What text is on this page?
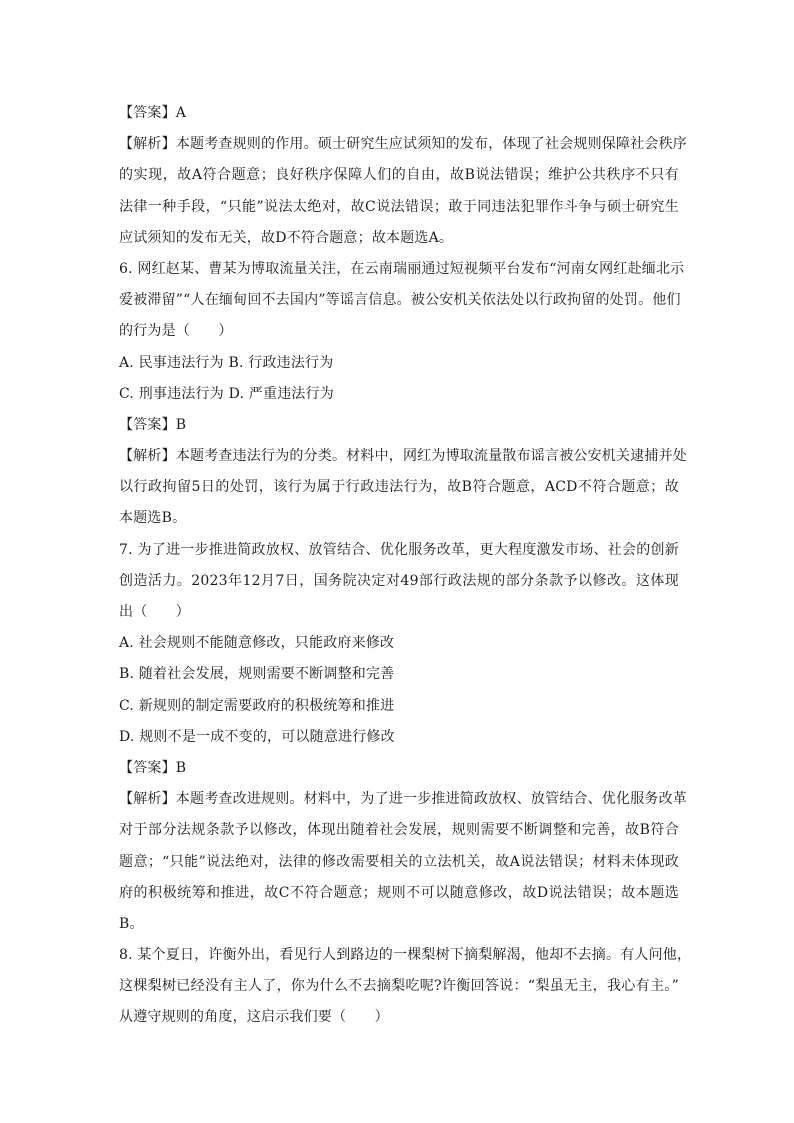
【答案】A
【解析】本题考查规则的作用。硕士研究生应试须知的发布，体现了社会规则保障社会秩序
的实现，故A符合题意；良好秩序保障人们的自由，故B说法错误；维护公共秩序不只有
法律一种手段，“只能”说法太绝对，故C说法错误；敢于同违法犯罪作斗争与硕士研究生
应试须知的发布无关，故D不符合题意；故本题选A。
6. 网红赵某、曹某为博取流量关注，在云南瑞丽通过短视频平台发布“河南女网红赴缅北示
爱被滞留”“人在缅甸回不去国内”等谣言信息。被公安机关依法处以行政拘留的处罚。他们
的行为是（　　）
A. 民事违法行为 B. 行政违法行为
C. 刑事违法行为 D. 严重违法行为
【答案】B
【解析】本题考查违法行为的分类。材料中，网红为博取流量散布谣言被公安机关逮捕并处
以行政拘留5日的处罚，该行为属于行政违法行为，故B符合题意，ACD不符合题意；故
本题选B。
7. 为了进一步推进简政放权、放管结合、优化服务改革，更大程度激发市场、社会的创新
创造活力。2023年12月7日，国务院决定对49部行政法规的部分条款予以修改。这体现
出（　　）
A. 社会规则不能随意修改，只能政府来修改
B. 随着社会发展，规则需要不断调整和完善
C. 新规则的制定需要政府的积极统筹和推进
D. 规则不是一成不变的，可以随意进行修改
【答案】B
【解析】本题考查改进规则。材料中，为了进一步推进简政放权、放管结合、优化服务改革
对于部分法规条款予以修改，体现出随着社会发展，规则需要不断调整和完善，故B符合
题意；“只能”说法绝对，法律的修改需要相关的立法机关，故A说法错误；材料未体现政
府的积极统筹和推进，故C不符合题意；规则不可以随意修改，故D说法错误；故本题选
B。
8. 某个夏日，许衡外出，看见行人到路边的一棵梨树下摘梨解渴，他却不去摘。有人问他，
这棵梨树已经没有主人了，你为什么不去摘梨吃呢?许衡回答说：“梨虽无主，我心有主。”
从遵守规则的角度，这启示我们要（　　）
